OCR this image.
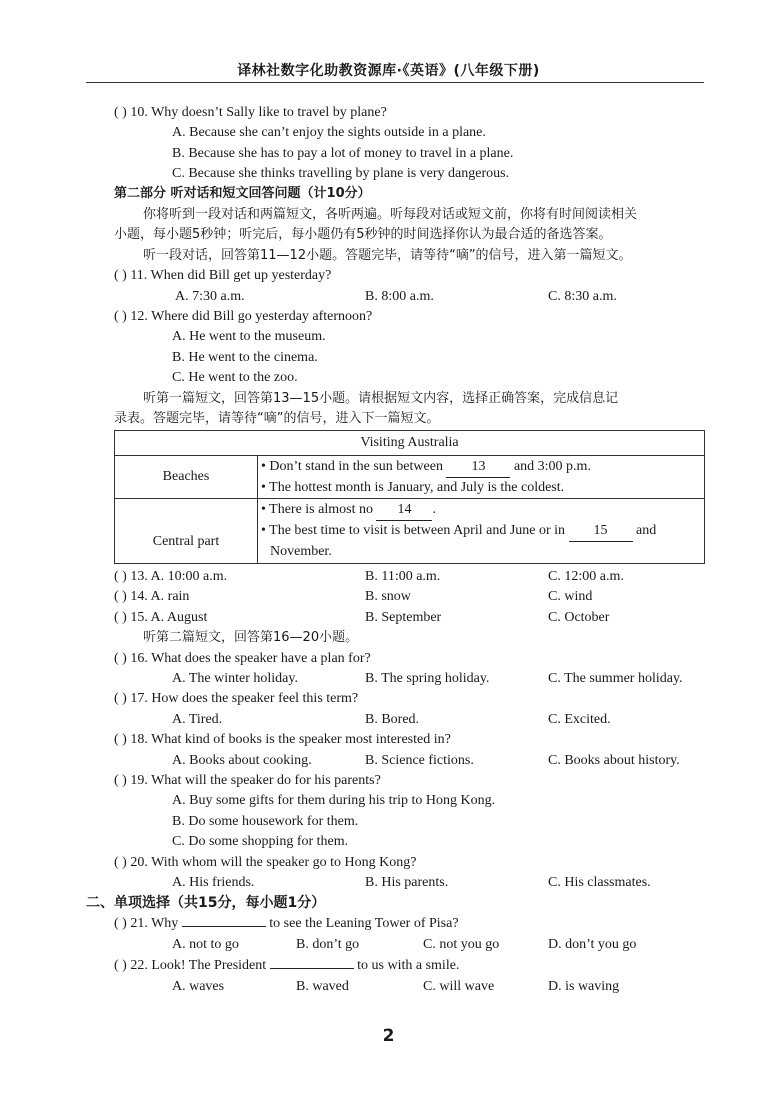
译林社数字化助教资源库·《英语》(八年级下册)
( ) 10. Why doesn’t Sally like to travel by plane?
A. Because she can’t enjoy the sights outside in a plane.
B. Because she has to pay a lot of money to travel in a plane.
C. Because she thinks travelling by plane is very dangerous.
第二部分 听对话和短文回答问题（计10分）
你将听到一段对话和两篇短文，各听两遍。听每段对话或短文前，你将有时间阅读相关
小题，每小题5秒钟；听完后，每小题仍有5秒钟的时间选择你认为最合适的备选答案。
听一段对话，回答第11—12小题。答题完毕，请等待“嘀”的信号，进入第一篇短文。
( ) 11. When did Bill get up yesterday?
A. 7:30 a.m.	B. 8:00 a.m.	C. 8:30 a.m.
( ) 12. Where did Bill go yesterday afternoon?
A. He went to the museum.
B. He went to the cinema.
C. He went to the zoo.
听第一篇短文，回答第13—15小题。请根据短文内容，选择正确答案，完成信息记
录表。答题完毕，请等待“嘀”的信号，进入下一篇短文。
Visiting Australia	
Beaches	• Don’t stand in the sun between 13 and 3:00 p.m.
• The hottest month is January, and July is the coldest.

Central part	• There is almost no 14 .
• The best time to visit is between April and June or in 15 and
November.
( ) 13. A. 10:00 a.m.	B. 11:00 a.m.	C. 12:00 a.m.
( ) 14. A. rain	B. snow	C. wind
( ) 15. A. August	B. September	C. October
听第二篇短文，回答第16—20小题。
( ) 16. What does the speaker have a plan for?
A. The winter holiday.	B. The spring holiday.	C. The summer holiday.
( ) 17. How does the speaker feel this term?
A. Tired.	B. Bored.	C. Excited.
( ) 18. What kind of books is the speaker most interested in?
A. Books about cooking.	B. Science fictions.	C. Books about history.
( ) 19. What will the speaker do for his parents?
A. Buy some gifts for them during his trip to Hong Kong.
B. Do some housework for them.
C. Do some shopping for them.
( ) 20. With whom will the speaker go to Hong Kong?
A. His friends.	B. His parents.	C. His classmates.
二、单项选择（共15分，每小题1分）
( ) 21. Why	to see the Leaning Tower of Pisa?
A. not to go	B. don’t go	C. not you go	D. don’t you go
( ) 22. Look! The President	to us with a smile.
A. waves	B. waved	C. will wave	D. is waving
2
